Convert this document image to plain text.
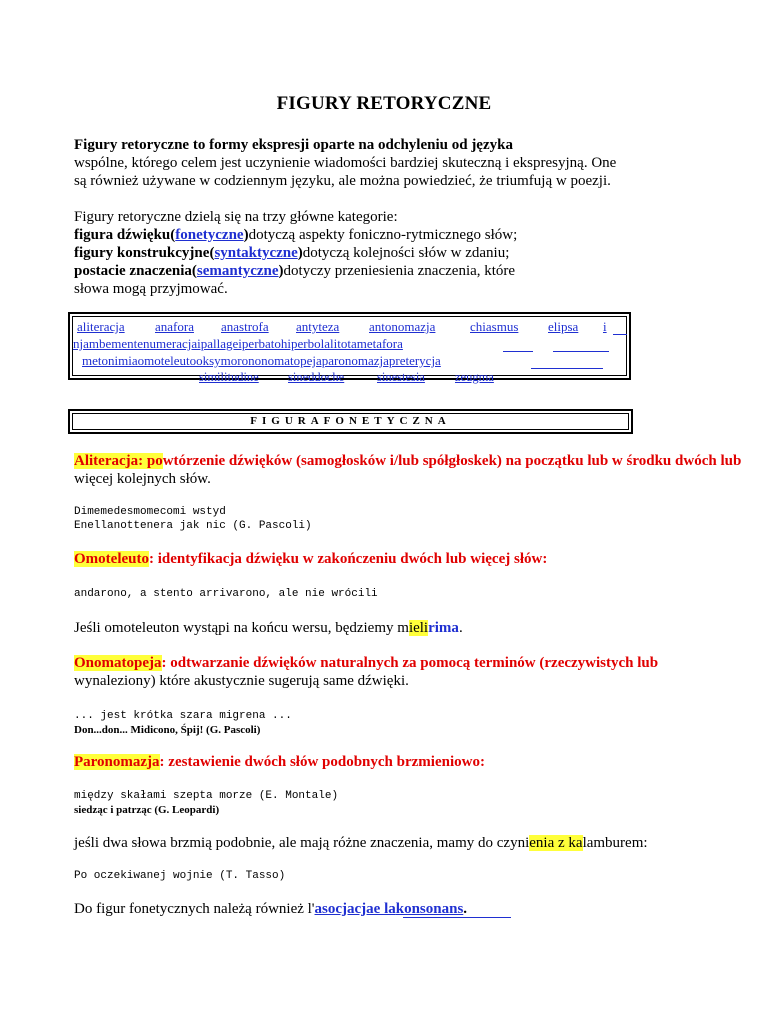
FIGURY RETORYCZNE
Figury retoryczne to formy ekspresji oparte na odchyleniu od języka
wspólne, którego celem jest uczynienie wiadomości bardziej skuteczną i ekspresyjną. One
są również używane w codziennym języku, ale można powiedzieć, że triumfują w poezji.
Figury retoryczne dzielą się na trzy główne kategorie:
figura dźwięku(fonetyczne)dotyczą aspekty foniczno-rytmicznego słów;
figury konstrukcyjne(syntaktyczne)dotyczą kolejności słów w zdaniu;
postacie znaczenia(semantyczne)dotyczy przeniesienia znaczenia, które
słowa mogą przyjmować.
aliteracja anafora anastrofa antyteza antonomazja	chiasmus elipsa i
njambementenumeracjaipallageiperbatohiperbolalitotametafora
metonimiaomoteleutooksymorononomatopejaparonomazjapreterycja
similitudine sineddoche	sinestesia zeugma
FIGURAFONETYCZNA
Aliteracja: powtórzenie dźwięków (samogłosków i/lub spółgłoskek) na początku lub w środku dwóch lub
więcej kolejnych słów.
Dimemedesmomecomi wstyd
Enellanottenera jak nic (G. Pascoli)
Omoteleuto: identyfikacja dźwięku w zakończeniu dwóch lub więcej słów:
andarono, a stento arrivarono, ale nie wrócili
Jeśli omoteleuton wystąpi na końcu wersu, będziemy mielirima.
Onomatopeja: odtwarzanie dźwięków naturalnych za pomocą terminów (rzeczywistych lub
wynaleziony) które akustycznie sugerują same dźwięki.
... jest krótka szara migrena ...
Don...don... Midicono, Śpij! (G. Pascoli)
Paronomazja: zestawienie dwóch słów podobnych brzmieniowo:
między skałami szepta morze (E. Montale)
siedząc i patrząc (G. Leopardi)
jeśli dwa słowa brzmią podobnie, ale mają różne znaczenia, mamy do czynienia z kalamburem:
Po oczekiwanej wojnie (T. Tasso)
Do figur fonetycznych należą również l'asocjacjae lakonsonans.
